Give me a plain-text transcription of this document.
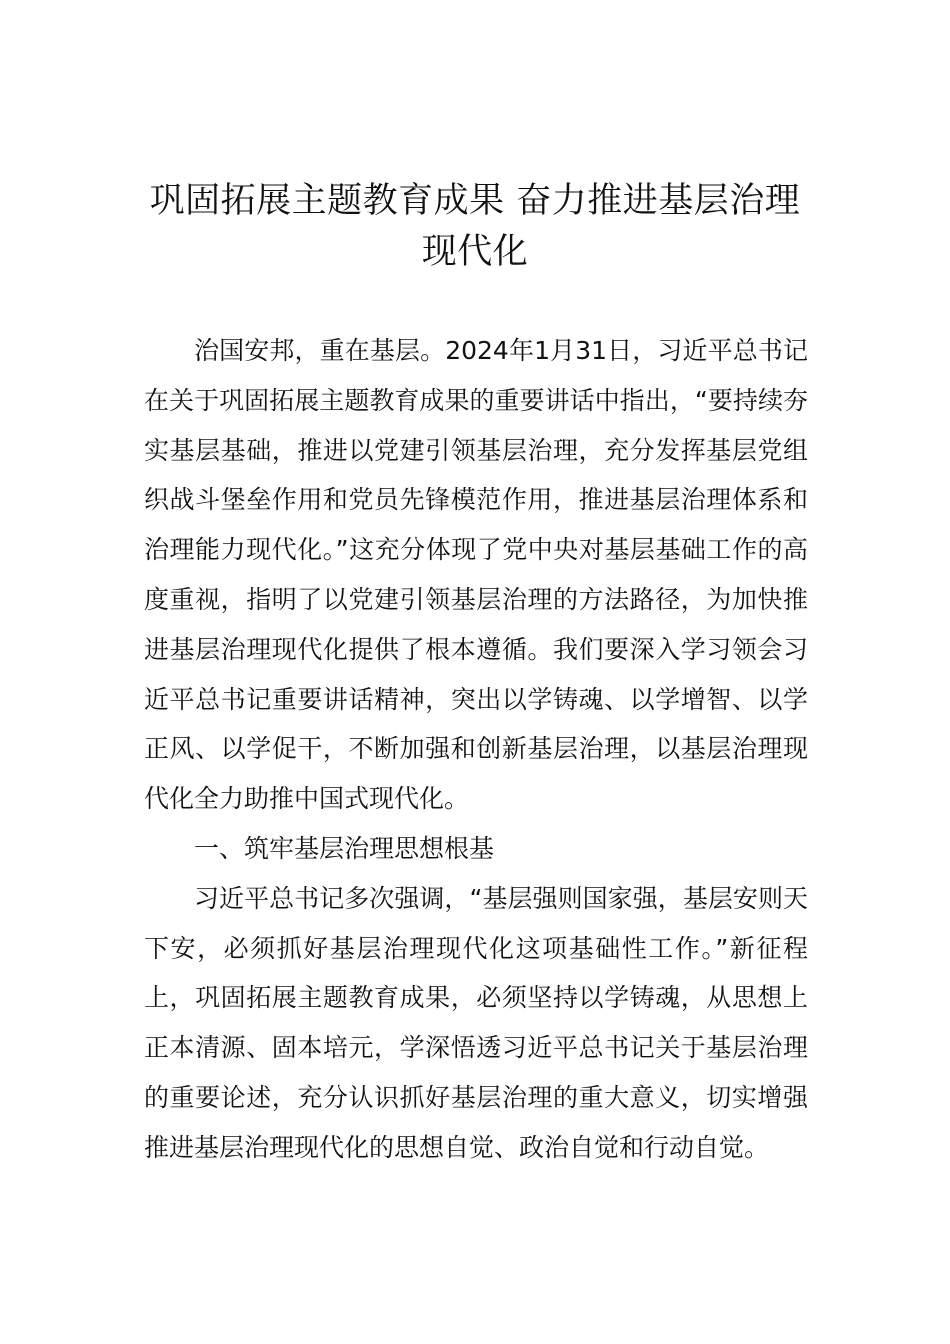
巩固拓展主题教育成果 奋力推进基层治理
现代化

治国安邦，重在基层。2024年1月31日，习近平总书记在关于巩固拓展主题教育成果的重要讲话中指出，“要持续夯实基层基础，推进以党建引领基层治理，充分发挥基层党组织战斗堡垒作用和党员先锋模范作用，推进基层治理体系和治理能力现代化。”这充分体现了党中央对基层基础工作的高度重视，指明了以党建引领基层治理的方法路径，为加快推进基层治理现代化提供了根本遵循。我们要深入学习领会习近平总书记重要讲话精神，突出以学铸魂、以学增智、以学正风、以学促干，不断加强和创新基层治理，以基层治理现代化全力助推中国式现代化。

一、筑牢基层治理思想根基

习近平总书记多次强调，“基层强则国家强，基层安则天下安，必须抓好基层治理现代化这项基础性工作。”新征程上，巩固拓展主题教育成果，必须坚持以学铸魂，从思想上正本清源、固本培元，学深悟透习近平总书记关于基层治理的重要论述，充分认识抓好基层治理的重大意义，切实增强推进基层治理现代化的思想自觉、政治自觉和行动自觉。
